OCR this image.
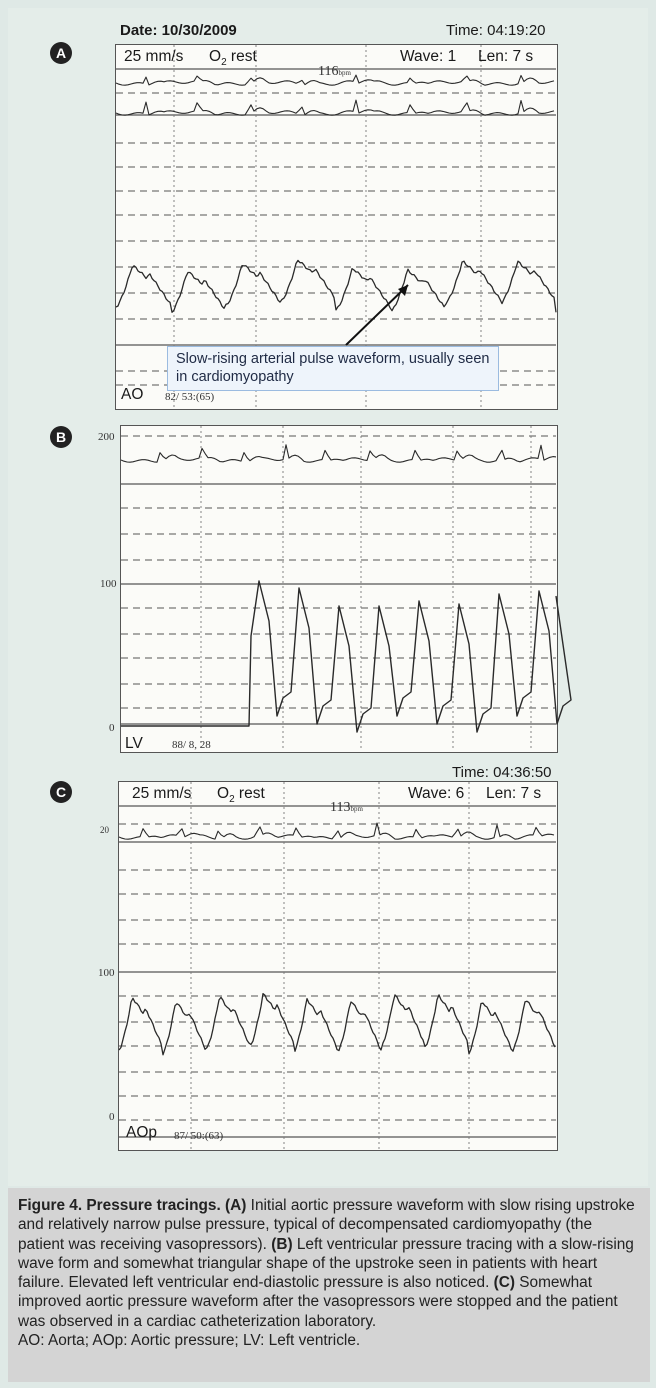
A
Date: 10/30/2009	Time: 04:19:20
25 mm/s $O_2$ rest
116bpm
Wave: 1 Len: 7 s
AO 82/ 53:(65)
Slow-rising arterial pulse waveform, usually seen in cardiomyopathy
B	200
100
0
LV	88/ 8, 28
C
Time: 04:36:50
25 mm/s $O_2$ rest
113bpm
Wave: 6 Len: 7 s
20
100
0
AOp 87/ 50:(63)
Figure 4. Pressure tracings. (A) Initial aortic pressure waveform with slow rising upstroke and relatively narrow pulse pressure, typical of decompensated cardiomyopathy (the patient was receiving vasopressors). (B) Left ventricular pressure tracing with a slow-rising wave form and somewhat triangular shape of the upstroke seen in patients with heart failure. Elevated left ventricular end-diastolic pressure is also noticed. (C) Somewhat improved aortic pressure waveform after the vasopressors were stopped and the patient was observed in a cardiac catheterization laboratory.
AO: Aorta; AOp: Aortic pressure; LV: Left ventricle.
